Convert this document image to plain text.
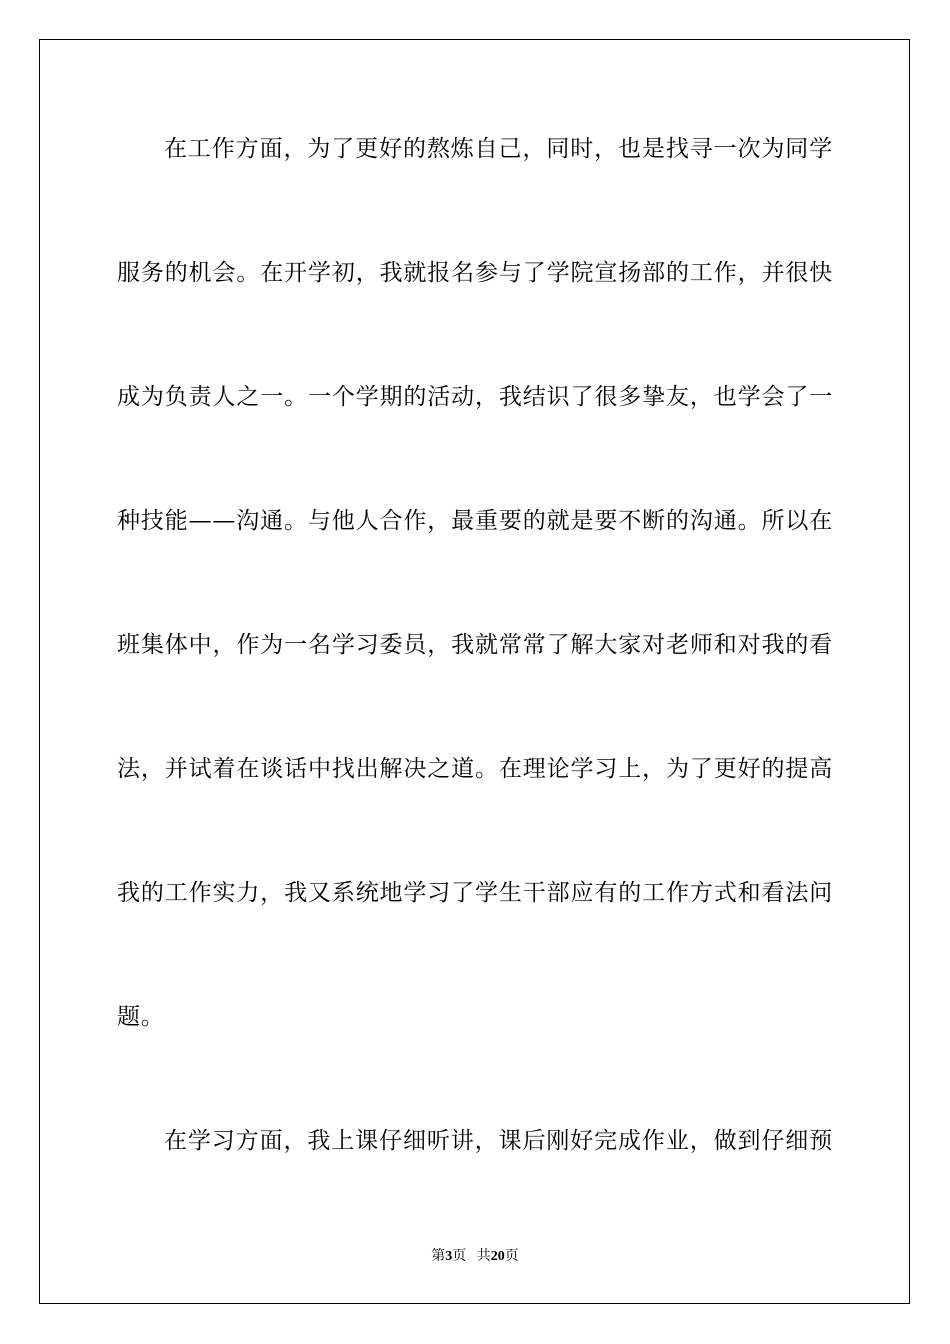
在工作方面，为了更好的熬炼自己，同时，也是找寻一次为同学
服务的机会。在开学初，我就报名参与了学院宣扬部的工作，并很快
成为负责人之一。一个学期的活动，我结识了很多挚友，也学会了一
种技能——沟通。与他人合作，最重要的就是要不断的沟通。所以在
班集体中，作为一名学习委员，我就常常了解大家对老师和对我的看
法，并试着在谈话中找出解决之道。在理论学习上，为了更好的提高
我的工作实力，我又系统地学习了学生干部应有的工作方式和看法问
题。
在学习方面，我上课仔细听讲，课后刚好完成作业，做到仔细预
第3页 共20页
